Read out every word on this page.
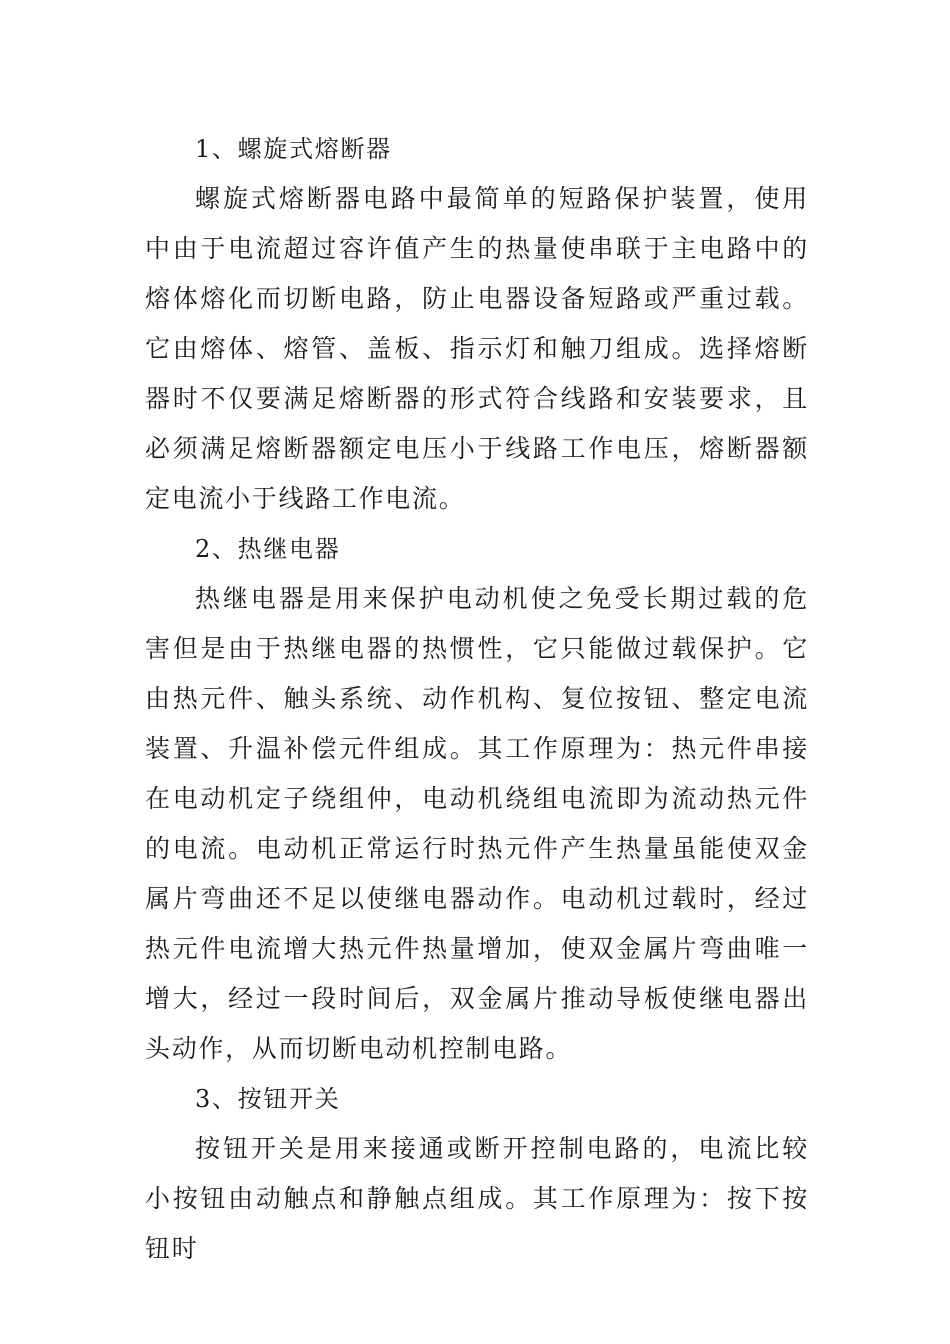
1、螺旋式熔断器

螺旋式熔断器电路中最简单的短路保护装置，使用中由于电流超过容许值产生的热量使串联于主电路中的熔体熔化而切断电路，防止电器设备短路或严重过载。它由熔体、熔管、盖板、指示灯和触刀组成。选择熔断器时不仅要满足熔断器的形式符合线路和安装要求，且必须满足熔断器额定电压小于线路工作电压，熔断器额定电流小于线路工作电流。

2、热继电器

热继电器是用来保护电动机使之免受长期过载的危害但是由于热继电器的热惯性，它只能做过载保护。它由热元件、触头系统、动作机构、复位按钮、整定电流装置、升温补偿元件组成。其工作原理为：热元件串接在电动机定子绕组仲，电动机绕组电流即为流动热元件的电流。电动机正常运行时热元件产生热量虽能使双金属片弯曲还不足以使继电器动作。电动机过载时，经过热元件电流增大热元件热量增加，使双金属片弯曲唯一增大，经过一段时间后，双金属片推动导板使继电器出头动作，从而切断电动机控制电路。

3、按钮开关

按钮开关是用来接通或断开控制电路的，电流比较小按钮由动触点和静触点组成。其工作原理为：按下按钮时
